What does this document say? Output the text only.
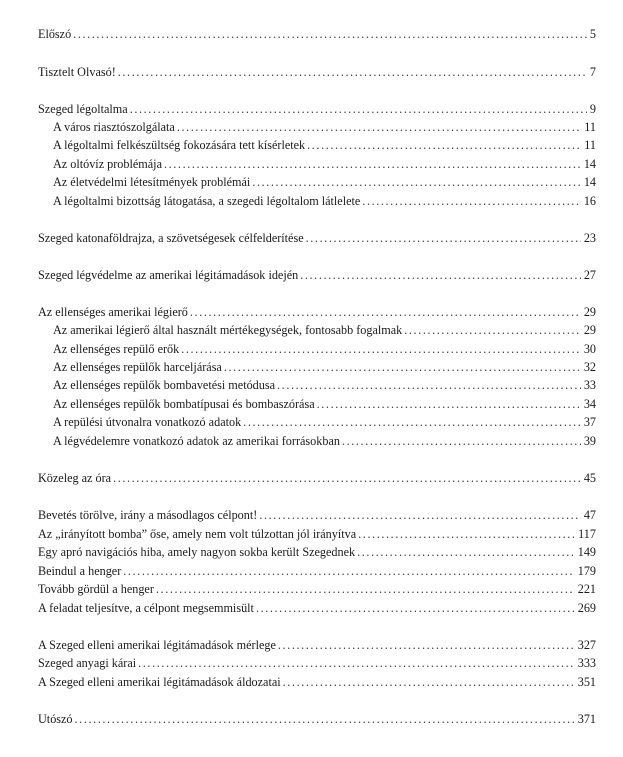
Előszó .....	5
Tisztelt Olvasó! .....	7
Szeged légoltalma .....	9
A város riasztószolgálata .....	11
A légoltalmi felkészültség fokozására tett kísérletek .....	11
Az oltóvíz problémája .....	14
Az életvédelmi létesítmények problémái .....	14
A légoltalmi bizottság látogatása, a szegedi légoltalom látlelete .....	16
Szeged katonaföldrajza, a szövetségesek célfelderítése .....	23
Szeged légvédelme az amerikai légitámadások idején .....	27
Az ellenséges amerikai légierő .....	29
Az amerikai légierő által használt mértékegységek, fontosabb fogalmak .....	29
Az ellenséges repülő erők .....	30
Az ellenséges repülők harceljárása .....	32
Az ellenséges repülők bombavetési metódusa .....	33
Az ellenséges repülők bombatípusai és bombaszórása .....	34
A repülési útvonalra vonatkozó adatok .....	37
A légvédelemre vonatkozó adatok az amerikai forrásokban .....	39
Közeleg az óra .....	45
Bevetés törölve, irány a másodlagos célpont! .....	47
Az „irányított bomba” őse, amely nem volt túlzottan jól irányítva .....	117
Egy apró navigációs hiba, amely nagyon sokba került Szegednek .....	149
Beindul a henger .....	179
Tovább gördül a henger .....	221
A feladat teljesítve, a célpont megsemmisült .....	269
A Szeged elleni amerikai légitámadások mérlege .....	327
Szeged anyagi kárai .....	333
A Szeged elleni amerikai légitámadások áldozatai .....	351
Utószó .....	371
